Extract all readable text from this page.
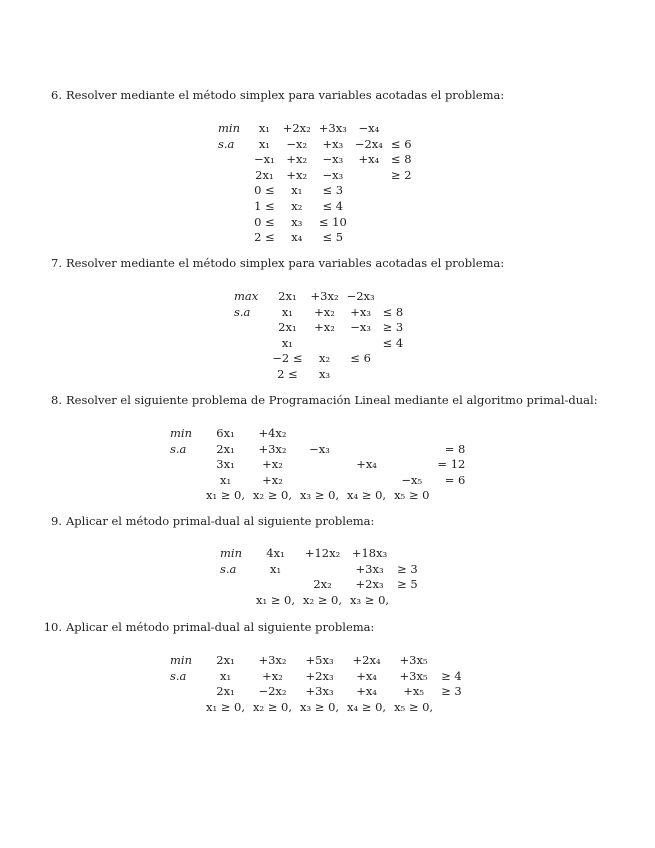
6. Resolver mediante el método simplex para variables acotadas el problema:
min	x₁	+2x₂	+3x₃	−x₄	
s.a	x₁	−x₂	+x₃	−2x₄	≤ 6
	−x₁	+x₂	−x₃	+x₄	≤ 8
	2x₁	+x₂	−x₃		≥ 2
	0 ≤	x₁	≤ 3		
	1 ≤	x₂	≤ 4		
	0 ≤	x₃	≤ 10		
	2 ≤	x₄	≤ 5		
7. Resolver mediante el método simplex para variables acotadas el problema:
max	2x₁	+3x₂	−2x₃	
s.a	x₁	+x₂	+x₃	≤ 8
	2x₁	+x₂	−x₃	≥ 3
	x₁			≤ 4
	−2 ≤	x₂	≤ 6	
	2 ≤	x₃		
8. Resolver el siguiente problema de Programación Lineal mediante el algoritmo primal-dual:
min	6x₁	+4x₂				
s.a	2x₁	+3x₂	−x₃			= 8
	3x₁	+x₂		+x₄		= 12
	x₁	+x₂			−x₅	= 6
	x₁ ≥ 0,	x₂ ≥ 0,	x₃ ≥ 0,	x₄ ≥ 0,	x₅ ≥ 0	
9. Aplicar el método primal-dual al siguiente problema:
min	4x₁	+12x₂	+18x₃	
s.a	x₁		+3x₃	≥ 3
		2x₂	+2x₃	≥ 5
	x₁ ≥ 0,	x₂ ≥ 0,	x₃ ≥ 0,	
10. Aplicar el método primal-dual al siguiente problema:
min	2x₁	+3x₂	+5x₃	+2x₄	+3x₅	
s.a	x₁	+x₂	+2x₃	+x₄	+3x₅	≥ 4
	2x₁	−2x₂	+3x₃	+x₄	+x₅	≥ 3
	x₁ ≥ 0,	x₂ ≥ 0,	x₃ ≥ 0,	x₄ ≥ 0,	x₅ ≥ 0,	
